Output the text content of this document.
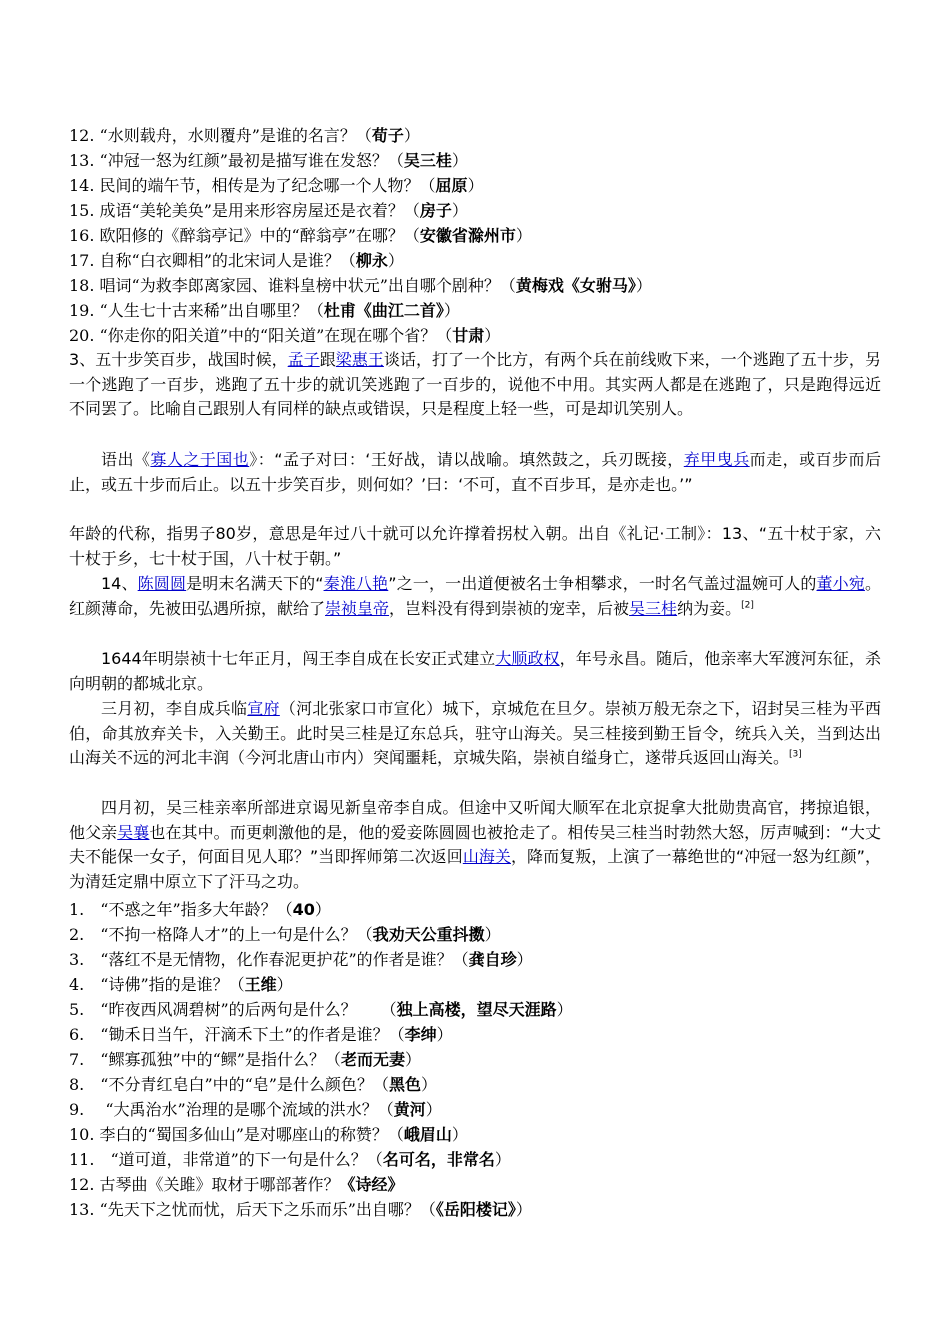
12. “水则载舟，水则覆舟”是谁的名言？（荀子）
13. “冲冠一怒为红颜”最初是描写谁在发怒？（吴三桂）
14. 民间的端午节，相传是为了纪念哪一个人物？（屈原）
15. 成语“美轮美奂”是用来形容房屋还是衣着？（房子）
16. 欧阳修的《醉翁亭记》中的“醉翁亭”在哪？（安徽省滁州市）
17. 自称“白衣卿相”的北宋词人是谁？（柳永）
18. 唱词“为救李郎离家园、谁料皇榜中状元”出自哪个剧种？（黄梅戏《女驸马》）
19. “人生七十古来稀”出自哪里？（杜甫《曲江二首》）
20. “你走你的阳关道”中的“阳关道”在现在哪个省？（甘肃）
3、五十步笑百步，战国时候，孟子跟梁惠王谈话，打了一个比方，有两个兵在前线败下来，一个逃跑了五十步，另一个逃跑了一百步，逃跑了五十步的就讥笑逃跑了一百步的，说他不中用。其实两人都是在逃跑了，只是跑得远近不同罢了。比喻自己跟别人有同样的缺点或错误，只是程度上轻一些，可是却讥笑别人。
语出《寡人之于国也》：“孟子对曰：‘王好战，请以战喻。填然鼓之，兵刃既接，弃甲曳兵而走，或百步而后止，或五十步而后止。以五十步笑百步，则何如？’曰：‘不可，直不百步耳，是亦走也。’”
年龄的代称，指男子80岁，意思是年过八十就可以允许撑着拐杖入朝。出自《礼记·工制》：13、“五十杖于家，六十杖于乡，七十杖于国，八十杖于朝。”
14、陈圆圆是明末名满天下的“秦淮八艳”之一，一出道便被名士争相攀求，一时名气盖过温婉可人的董小宛。红颜薄命，先被田弘遇所掠，献给了崇祯皇帝，岂料没有得到崇祯的宠幸，后被吴三桂纳为妾。[2]
1644年明崇祯十七年正月，闯王李自成在长安正式建立大顺政权，年号永昌。随后，他亲率大军渡河东征，杀向明朝的都城北京。
三月初，李自成兵临宣府（河北张家口市宣化）城下，京城危在旦夕。崇祯万般无奈之下，诏封吴三桂为平西伯，命其放弃关卡，入关勤王。此时吴三桂是辽东总兵，驻守山海关。吴三桂接到勤王旨令，统兵入关，当到达出山海关不远的河北丰润（今河北唐山市内）突闻噩耗，京城失陷，崇祯自缢身亡，遂带兵返回山海关。[3]
四月初，吴三桂亲率所部进京谒见新皇帝李自成。但途中又听闻大顺军在北京捉拿大批勋贵高官，拷掠追银，他父亲吴襄也在其中。而更刺激他的是，他的爱妾陈圆圆也被抢走了。相传吴三桂当时勃然大怒，厉声喊到：“大丈夫不能保一女子，何面目见人耶？”当即挥师第二次返回山海关，降而复叛，上演了一幕绝世的“冲冠一怒为红颜”，为清廷定鼎中原立下了汗马之功。
1.　“不惑之年”指多大年龄？（40）
2.　“不拘一格降人才”的上一句是什么？（我劝天公重抖擞）
3.　“落红不是无情物，化作春泥更护花”的作者是谁？（龚自珍）
4.　“诗佛”指的是谁？（王维）
5.　“昨夜西风凋碧树”的后两句是什么？　　（独上高楼，望尽天涯路）
6.　“锄禾日当午，汗滴禾下土”的作者是谁？（李绅）
7.　“鳏寡孤独”中的“鳏”是指什么？（老而无妻）
8.　“不分青红皂白”中的“皂”是什么颜色？（黑色）
9.　 “大禹治水”治理的是哪个流域的洪水？（黄河）
10. 李白的“蜀国多仙山”是对哪座山的称赞？（峨眉山）
11.　“道可道，非常道”的下一句是什么？（名可名，非常名）
12. 古琴曲《关雎》取材于哪部著作？《诗经》
13. “先天下之忧而忧，后天下之乐而乐”出自哪？（《岳阳楼记》）
